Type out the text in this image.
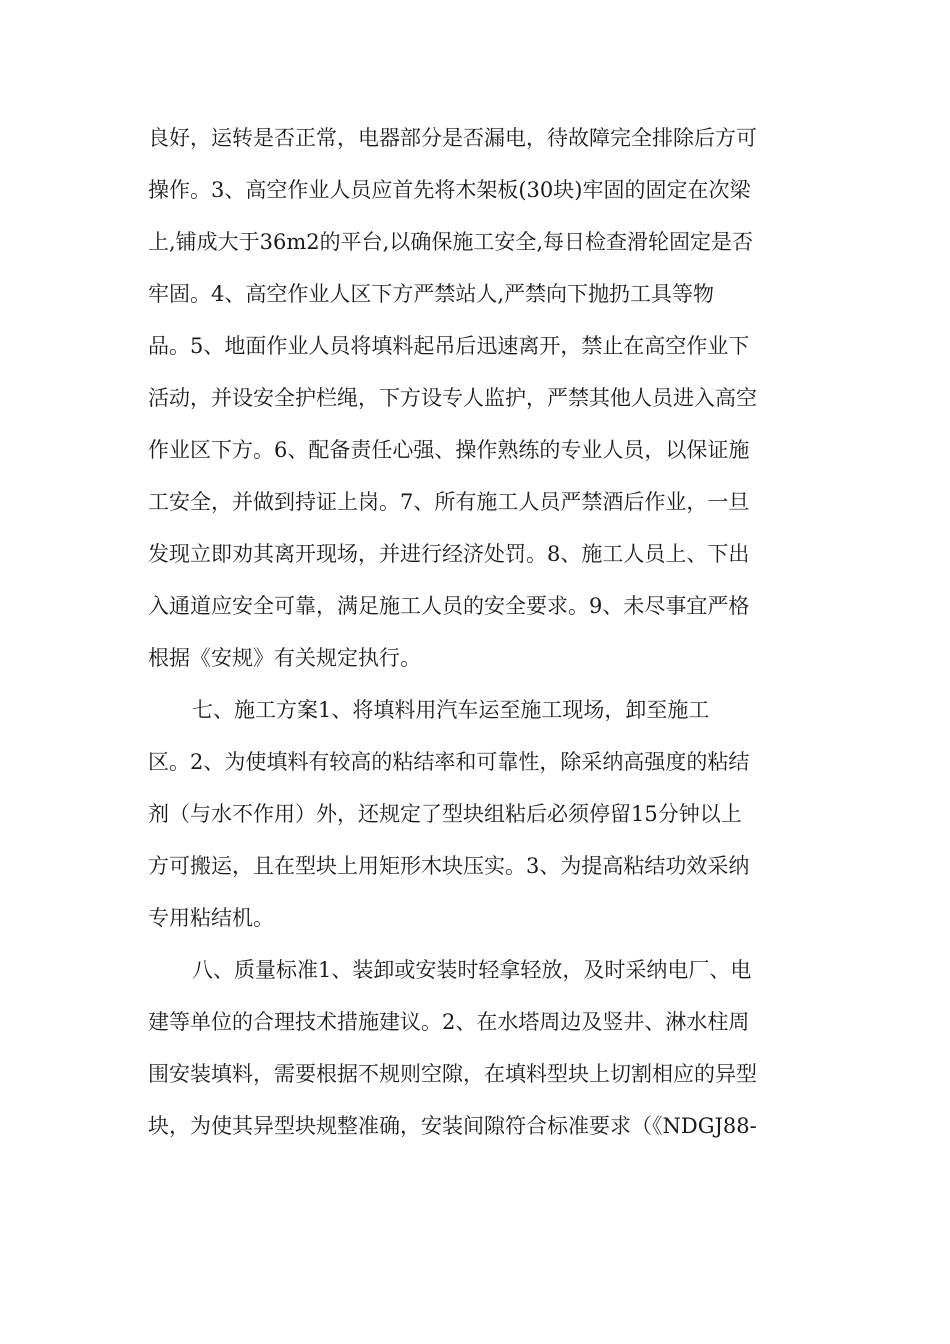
良好，运转是否正常，电器部分是否漏电，待故障完全排除后方可
操作。3、高空作业人员应首先将木架板(30块)牢固的固定在次梁
上,铺成大于36m2的平台,以确保施工安全,每日检查滑轮固定是否
牢固。4、高空作业人区下方严禁站人,严禁向下抛扔工具等物
品。5、地面作业人员将填料起吊后迅速离开，禁止在高空作业下
活动，并设安全护栏绳，下方设专人监护，严禁其他人员进入高空
作业区下方。6、配备责任心强、操作熟练的专业人员，以保证施
工安全，并做到持证上岗。7、所有施工人员严禁酒后作业，一旦
发现立即劝其离开现场，并进行经济处罚。8、施工人员上、下出
入通道应安全可靠，满足施工人员的安全要求。9、未尽事宜严格
根据《安规》有关规定执行。
七、施工方案1、将填料用汽车运至施工现场，卸至施工
区。2、为使填料有较高的粘结率和可靠性，除采纳高强度的粘结
剂（与水不作用）外，还规定了型块组粘后必须停留15分钟以上
方可搬运，且在型块上用矩形木块压实。3、为提高粘结功效采纳
专用粘结机。
八、质量标准1、装卸或安装时轻拿轻放，及时采纳电厂、电
建等单位的合理技术措施建议。2、在水塔周边及竖井、淋水柱周
围安装填料，需要根据不规则空隙，在填料型块上切割相应的异型
块，为使其异型块规整准确，安装间隙符合标准要求（《NDGJ88-
